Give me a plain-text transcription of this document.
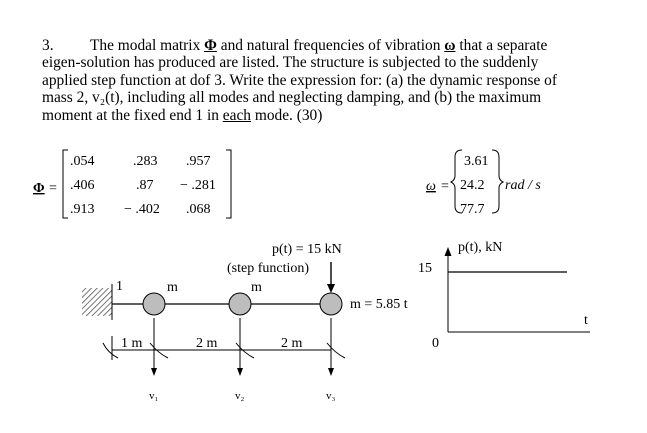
3. The modal matrix Φ and natural frequencies of vibration ω that a separate
eigen-solution has produced are listed. The structure is subjected to the suddenly
applied step function at dof 3. Write the expression for: (a) the dynamic response of
mass 2, v₂(t), including all modes and neglecting damping, and (b) the maximum
moment at the fixed end 1 in each mode. (30)
Φ =
.054	.283 .957
.406	.87 − .281
.913 − .402 .068
ω =
3.61
24.2
77.7
rad / s
1	m	m
m = 5.85 t
p(t) = 15 kN
(step function)
1 m	2 m	2 m
v₁	v₂	v₃
p(t), kN
t
15
0
